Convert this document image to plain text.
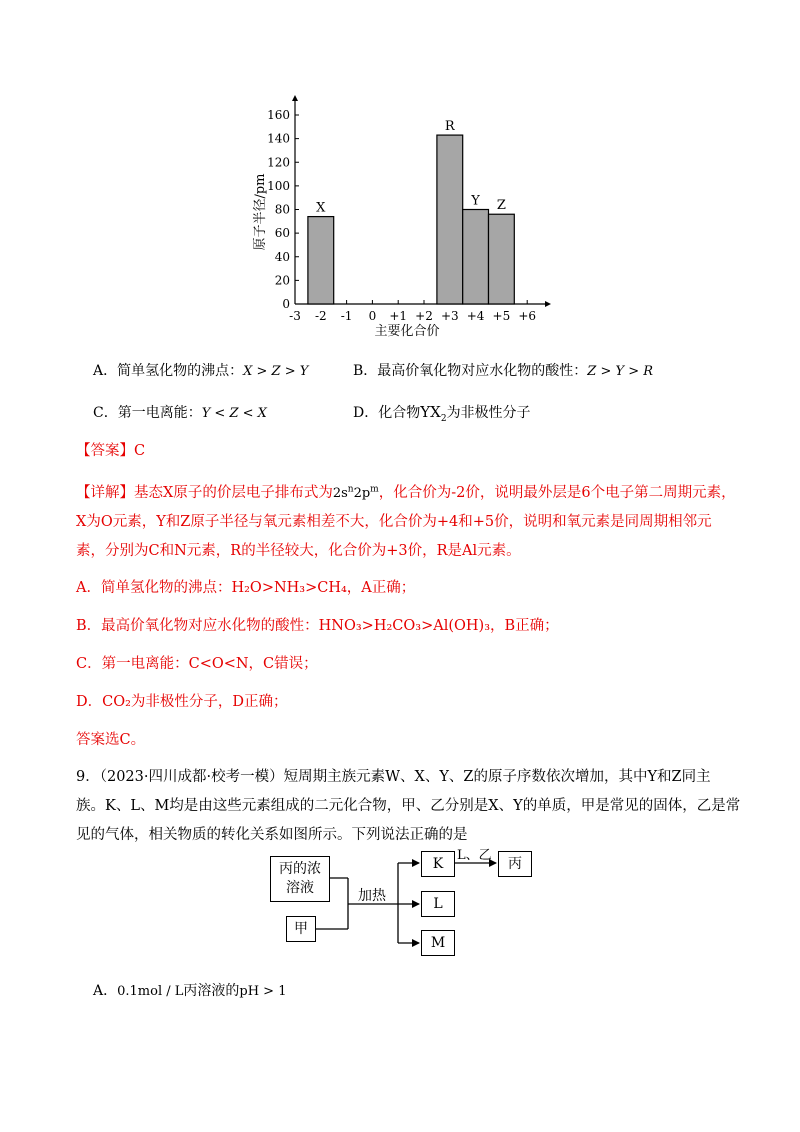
0
20
40
60
80
100
120
140
160
-3 -2 -1 0 +1 +2 +3 +4 +5 +6
X
R
Y Z
原子半径/pm
主要化合价
A．简单氢化物的沸点：X > Z > Y	B．最高价氧化物对应水化物的酸性：Z > Y > R
C．第一电离能：Y < Z < X	D．化合物$YX_2$为非极性分子
【答案】C
【详解】基态X原子的价层电子排布式为$2s^n2p^m$，化合价为-2价，说明最外层是6个电子第二周期元素，
X为O元素，Y和Z原子半径与氧元素相差不大，化合价为+4和+5价，说明和氧元素是同周期相邻元
素，分别为C和N元素，R的半径较大，化合价为+3价，R是Al元素。
A．简单氢化物的沸点：H₂O>NH₃>CH₄，A正确；
B．最高价氧化物对应水化物的酸性：HNO₃>H₂CO₃>Al(OH)₃，B正确；
C．第一电离能：C<O<N，C错误；
D．CO₂为非极性分子，D正确；
答案选C。
9．（2023·四川成都·校考一模）短周期主族元素W、X、Y、Z的原子序数依次增加，其中Y和Z同主
族。K、L、M均是由这些元素组成的二元化合物，甲、乙分别是X、Y的单质，甲是常见的固体，乙是常
见的气体，相关物质的转化关系如图所示。下列说法正确的是
丙的浓
溶液
甲
加热
K
L
M
L、乙 丙
A．0.1mol / L丙溶液的pH > 1
